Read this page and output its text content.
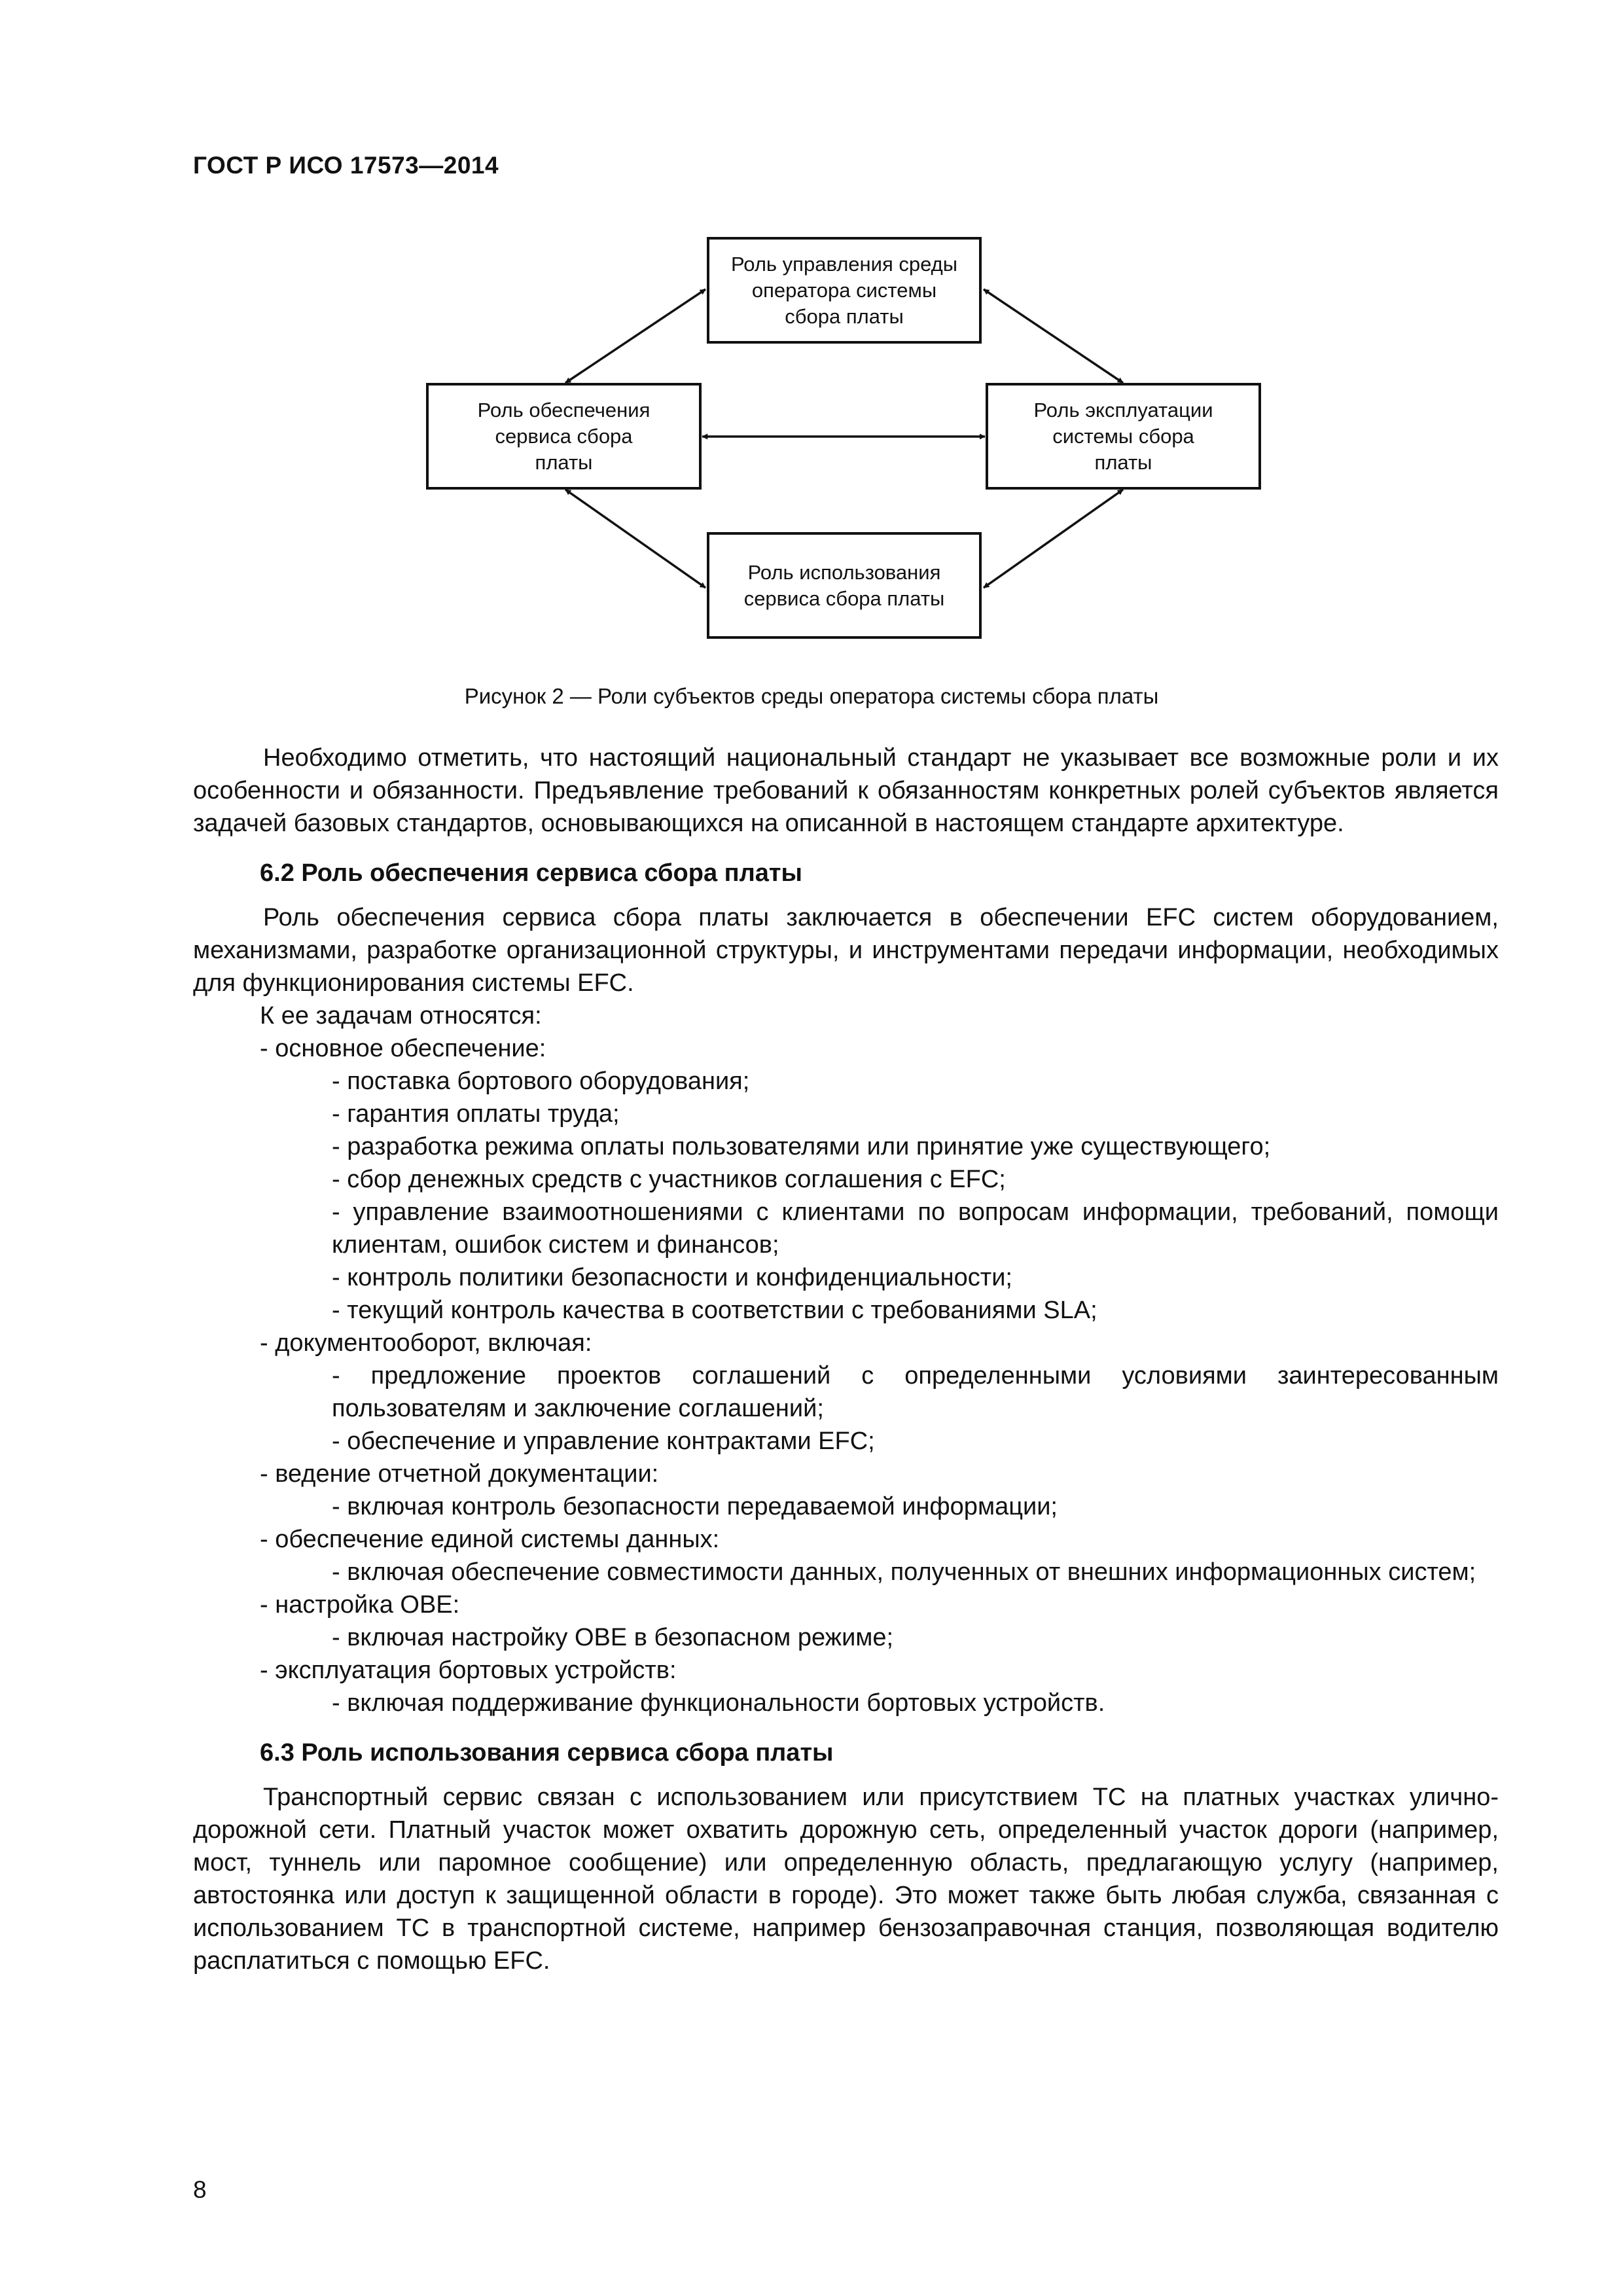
ГОСТ Р ИСО 17573—2014
Роль управления среды
оператора системы
сбора платы
Роль обеспечения
сервиса сбора
платы
Роль эксплуатации
системы сбора
платы
Роль использования
сервиса сбора платы
Рисунок 2 — Роли субъектов среды оператора системы сбора платы

Необходимо отметить, что настоящий национальный стандарт не указывает все возможные роли и их особенности и обязанности. Предъявление требований к обязанностям конкретных ролей субъектов является задачей базовых стандартов, основывающихся на описанной в настоящем стандарте архитектуре.

6.2 Роль обеспечения сервиса сбора платы

Роль обеспечения сервиса сбора платы заключается в обеспечении EFC систем оборудованием, механизмами, разработке организационной структуры, и инструментами передачи информации, необходимых для функционирования системы EFC.

К ее задачам относятся:

- основное обеспечение:

- поставка бортового оборудования;

- гарантия оплаты труда;

- разработка режима оплаты пользователями или принятие уже существующего;

- сбор денежных средств с участников соглашения с EFC;

- управление взаимоотношениями с клиентами по вопросам информации, требований, помощи клиентам, ошибок систем и финансов;

- контроль политики безопасности и конфиденциальности;

- текущий контроль качества в соответствии с требованиями SLA;

- документооборот, включая:

- предложение проектов соглашений с определенными условиями заинтересованным пользователям и заключение соглашений;

- обеспечение и управление контрактами EFC;

- ведение отчетной документации:

- включая контроль безопасности передаваемой информации;

- обеспечение единой системы данных:

- включая обеспечение совместимости данных, полученных от внешних информационных систем;

- настройка OBE:

- включая настройку OBE в безопасном режиме;

- эксплуатация бортовых устройств:

- включая поддерживание функциональности бортовых устройств.

6.3 Роль использования сервиса сбора платы

Транспортный сервис связан с использованием или присутствием ТС на платных участках улично-дорожной сети. Платный участок может охватить дорожную сеть, определенный участок дороги (например, мост, туннель или паромное сообщение) или определенную область, предлагающую услугу (например, автостоянка или доступ к защищенной области в городе). Это может также быть любая служба, связанная с использованием ТС в транспортной системе, например бензозаправочная станция, позволяющая водителю расплатиться с помощью EFC.

8
